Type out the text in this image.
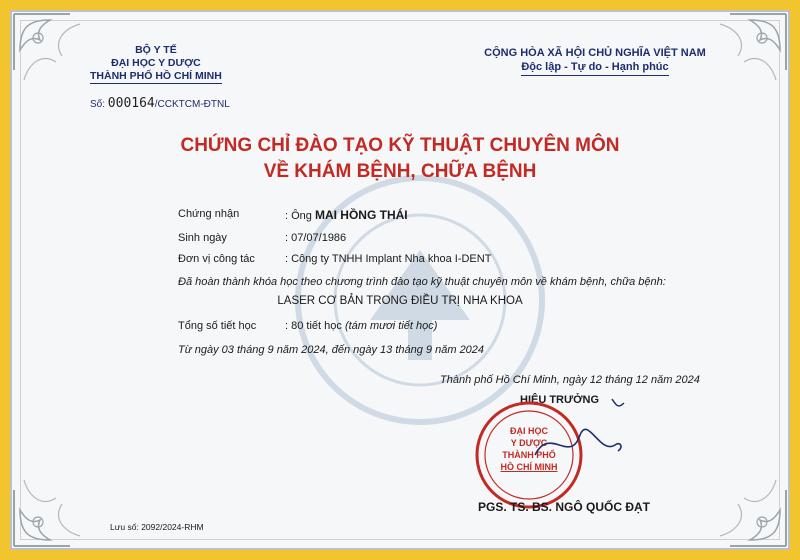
BỘ Y TẾ
ĐẠI HỌC Y DƯỢC
THÀNH PHỐ HỒ CHÍ MINH
Số: 000164/CCKTCM-ĐTNL
CỘNG HÒA XÃ HỘI CHỦ NGHĨA VIỆT NAM
Độc lập - Tự do - Hạnh phúc
CHỨNG CHỈ ĐÀO TẠO KỸ THUẬT CHUYÊN MÔN
VỀ KHÁM BỆNH, CHỮA BỆNH
Chứng nhận	: Ông MAI HỒNG THÁI
Sinh ngày	: 07/07/1986
Đơn vị công tác	: Công ty TNHH Implant Nha khoa I-DENT
Đã hoàn thành khóa học theo chương trình đào tạo kỹ thuật chuyên môn về khám bệnh, chữa bệnh:
LASER CƠ BẢN TRONG ĐIỀU TRỊ NHA KHOA
Tổng số tiết học	: 80 tiết học (tám mươi tiết học)
Từ ngày 03 tháng 9 năm 2024, đến ngày 13 tháng 9 năm 2024
Thành phố Hồ Chí Minh, ngày 12 tháng 12 năm 2024
HIỆU TRƯỞNG
ĐẠI HỌC
Y DƯỢC
THÀNH PHỐ
HỒ CHÍ MINH
PGS. TS. BS. NGÔ QUỐC ĐẠT
Lưu số: 2092/2024-RHM
